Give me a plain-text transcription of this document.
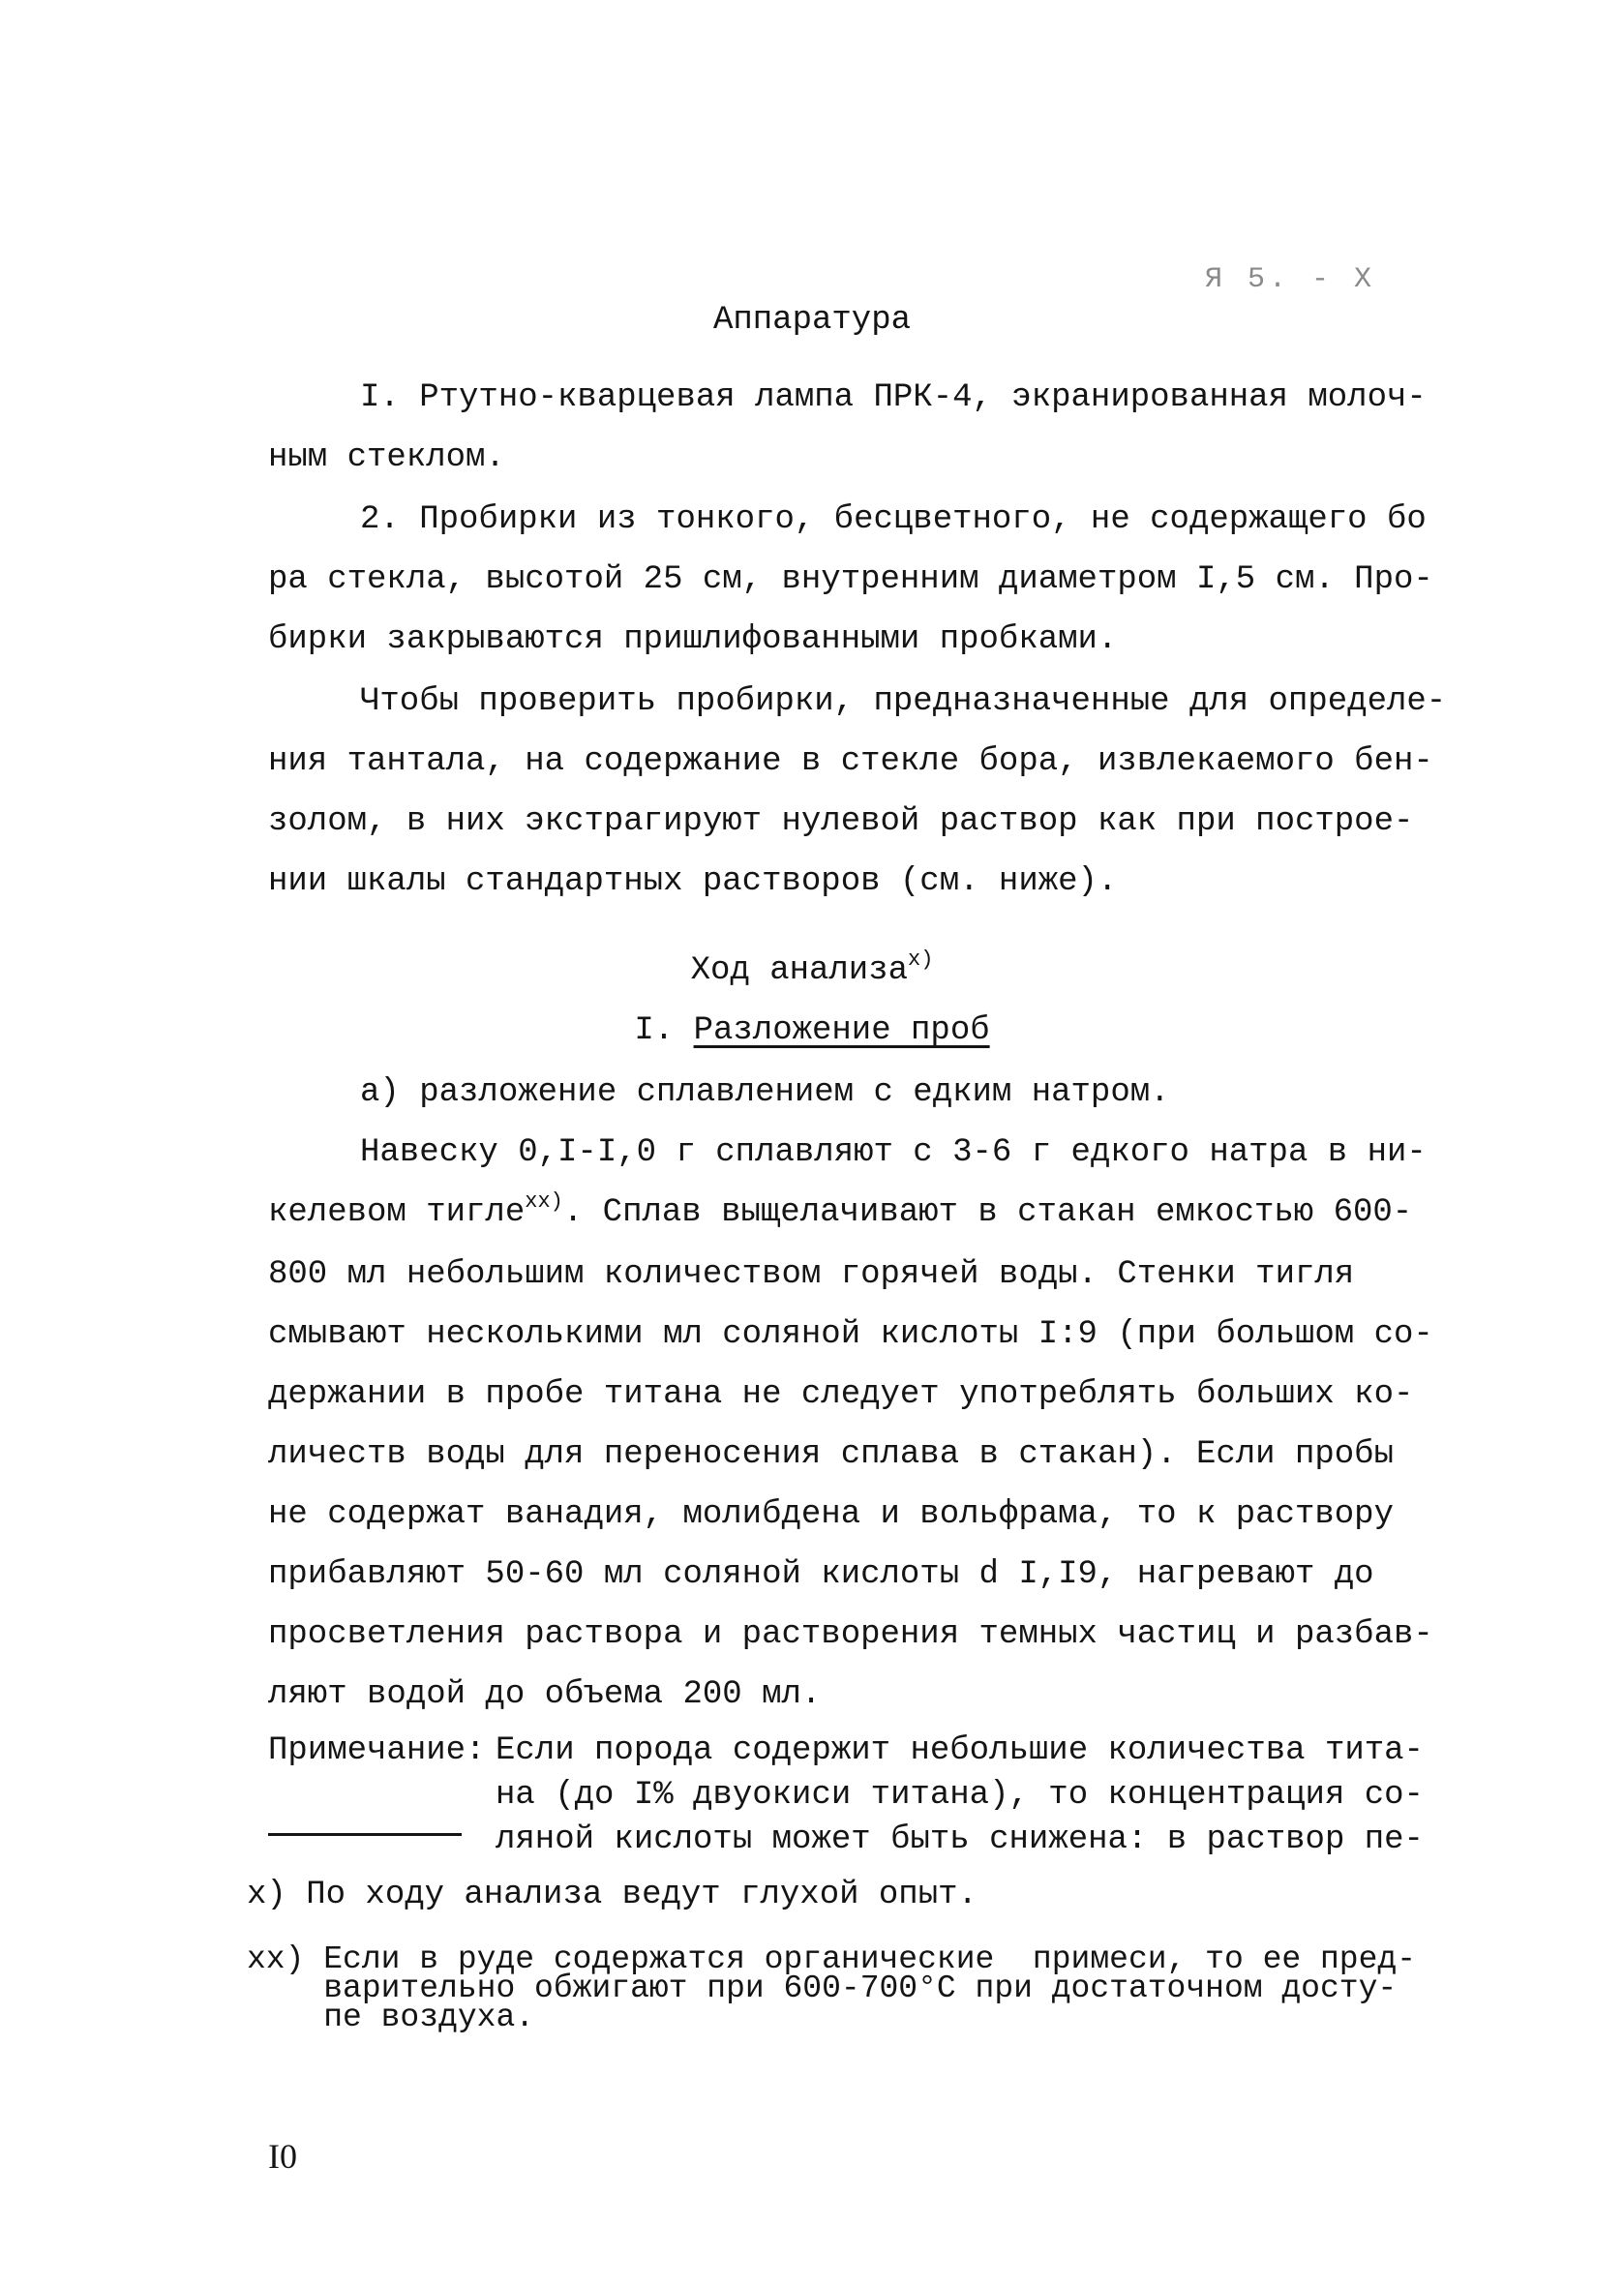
Я 5. - Х
Аппаратура
I. Ртутно-кварцевая лампа ПРК-4, экранированная молоч-
ным стеклом.
2. Пробирки из тонкого, бесцветного, не содержащего бо
ра стекла, высотой 25 см, внутренним диаметром I,5 см. Про-
бирки закрываются пришлифованными пробками.
Чтобы проверить пробирки, предназначенные для определе-
ния тантала, на содержание в стекле бора, извлекаемого бен-
золом, в них экстрагируют нулевой раствор как при построе-
нии шкалы стандартных растворов (см. ниже).
Ход анализа$^{x)}$
I. Разложение проб
а) разложение сплавлением с едким натром.
Навеску 0,I-I,0 г сплавляют с 3-6 г едкого натра в ни-
келевом тигле$^{xx)}$. Сплав выщелачивают в стакан емкостью 600-
800 мл небольшим количеством горячей воды. Стенки тигля
смывают несколькими мл соляной кислоты I:9 (при большом со-
держании в пробе титана не следует употреблять больших ко-
личеств воды для переносения сплава в стакан). Если пробы
не содержат ванадия, молибдена и вольфрама, то к раствору
прибавляют 50-60 мл соляной кислоты d I,I9, нагревают до
просветления раствора и растворения темных частиц и разбав-
ляют водой до объема 200 мл.
Примечание: Если порода содержит небольшие количества тита-
на (до I% двуокиси титана), то концентрация со-
ляной кислоты может быть снижена: в раствор пе-
x) По ходу анализа ведут глухой опыт.
xx) Если в руде содержатся органические  примеси, то ее пред-
варительно обжигают при 600-700°С при достаточном досту-
пе воздуха.
I0
